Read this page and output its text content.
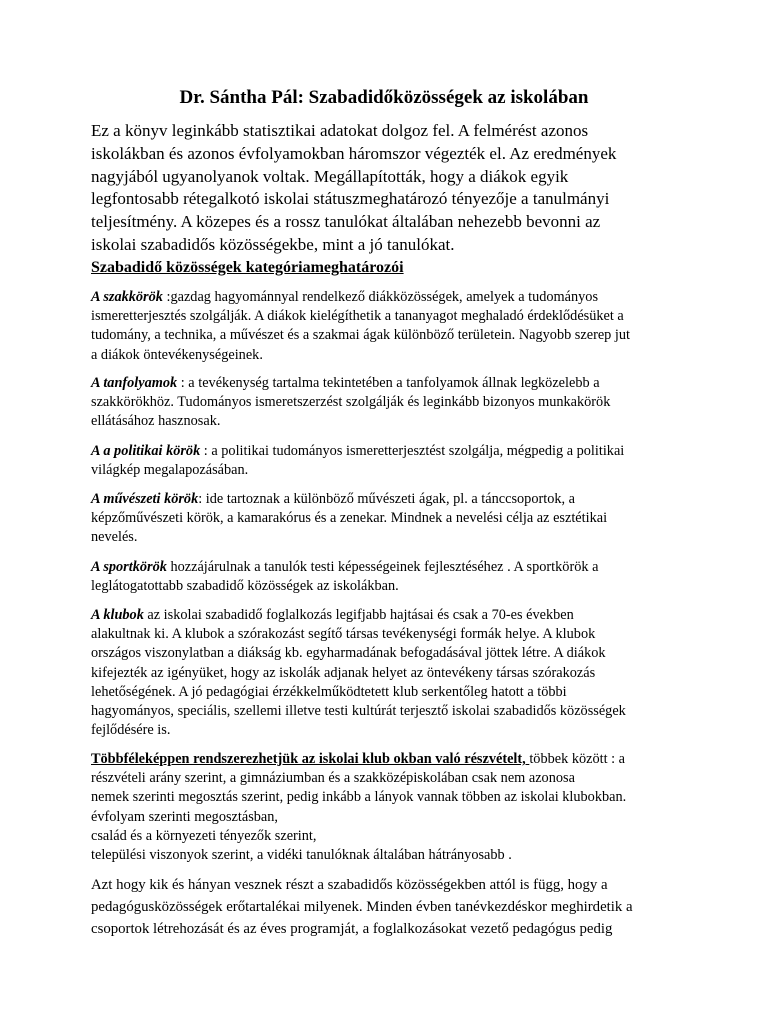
Dr. Sántha Pál: Szabadidőközösségek az iskolában
Ez a könyv leginkább statisztikai adatokat dolgoz fel. A felmérést azonos
iskolákban és azonos évfolyamokban háromszor végezték el. Az eredmények
nagyjából ugyanolyanok voltak. Megállapították, hogy a diákok egyik
legfontosabb rétegalkotó iskolai státuszmeghatározó tényezője a tanulmányi
teljesítmény. A közepes és a rossz tanulókat általában nehezebb bevonni az
iskolai szabadidős közösségekbe, mint a jó tanulókat.
Szabadidő közösségek kategóriameghatározói
A szakkörök :gazdag hagyománnyal rendelkező diákközösségek, amelyek a tudományos
ismeretterjesztés szolgálják. A diákok kielégíthetik a tananyagot meghaladó érdeklődésüket a
tudomány, a technika, a művészet és a szakmai ágak különböző területein. Nagyobb szerep jut
a diákok öntevékenységeinek.
A tanfolyamok : a tevékenység tartalma tekintetében a tanfolyamok állnak legközelebb a
szakkörökhöz. Tudományos ismeretszerzést szolgálják és leginkább bizonyos munkakörök
ellátásához hasznosak.
A a politikai körök : a politikai tudományos ismeretterjesztést szolgálja, mégpedig a politikai
világkép megalapozásában.
A művészeti körök: ide tartoznak a különböző művészeti ágak, pl. a tánccsoportok, a
képzőművészeti körök, a kamarakórus és a zenekar. Mindnek a nevelési célja az esztétikai
nevelés.
A sportkörök hozzájárulnak a tanulók testi képességeinek fejlesztéséhez . A sportkörök a
leglátogatottabb szabadidő közösségek az iskolákban.
A klubok az iskolai szabadidő foglalkozás legifjabb hajtásai és csak a 70-es években
alakultnak ki. A klubok a szórakozást segítő társas tevékenységi formák helye. A klubok
országos viszonylatban a diákság kb. egyharmadának befogadásával jöttek létre. A diákok
kifejezték az igényüket, hogy az iskolák adjanak helyet az öntevékeny társas szórakozás
lehetőségének. A jó pedagógiai érzékkelműködtetett klub serkentőleg hatott a többi
hagyományos, speciális, szellemi illetve testi kultúrát terjesztő iskolai szabadidős közösségek
fejlődésére is.
Többféleképpen rendszerezhetjük az iskolai klub okban való részvételt, többek között : a
részvételi arány szerint, a gimnáziumban és a szakközépiskolában csak nem azonosa
nemek szerinti megosztás szerint, pedig inkább a lányok vannak többen az iskolai klubokban.
évfolyam szerinti megosztásban,
család és a környezeti tényezők szerint,
települési viszonyok szerint, a vidéki tanulóknak általában hátrányosabb .
Azt hogy kik és hányan vesznek részt a szabadidős közösségekben attól is függ, hogy a
pedagógusközösségek erőtartalékai milyenek. Minden évben tanévkezdéskor meghirdetik a
csoportok létrehozását és az éves programját, a foglalkozásokat vezető pedagógus pedig
